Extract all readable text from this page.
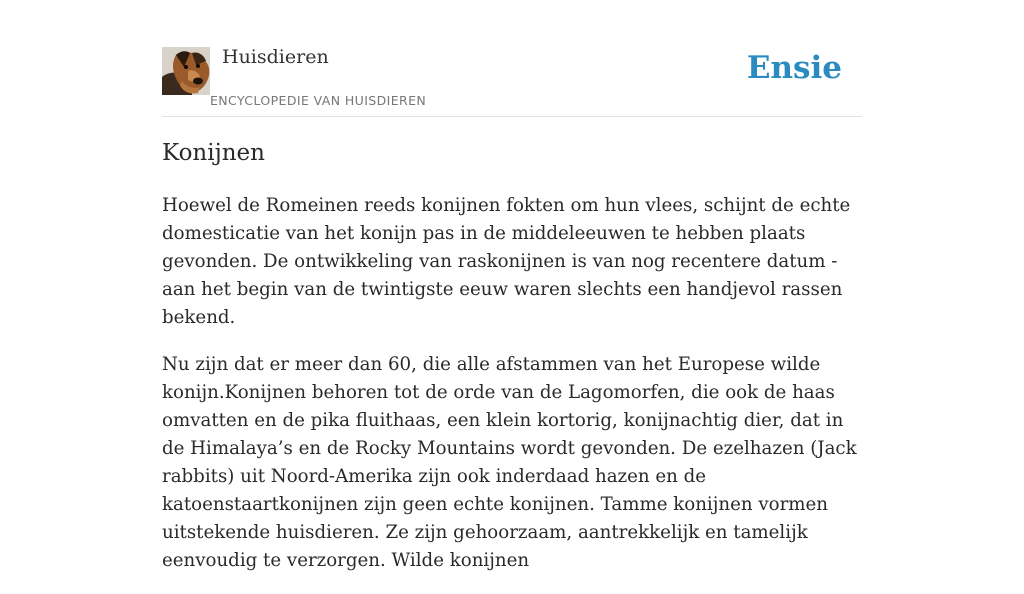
Huisdieren
ENCYCLOPEDIE VAN HUISDIEREN
Ensie
Konijnen

Hoewel de Romeinen reeds konijnen fokten om hun vlees, schijnt de echte domesticatie van het konijn pas in de middeleeuwen te hebben plaats gevonden. De ontwikkeling van raskonijnen is van nog recentere datum - aan het begin van de twintigste eeuw waren slechts een handjevol rassen bekend.

Nu zijn dat er meer dan 60, die alle afstammen van het Europese wilde konijn.Konijnen behoren tot de orde van de Lagomorfen, die ook de haas omvatten en de pika fluithaas, een klein kortorig, konijnachtig dier, dat in de Himalaya’s en de Rocky Mountains wordt gevonden. De ezelhazen (Jack rabbits) uit Noord-Amerika zijn ook inderdaad hazen en de katoenstaartkonijnen zijn geen echte konijnen. Tamme konijnen vormen uitstekende huisdieren. Ze zijn gehoorzaam, aantrekkelijk en tamelijk eenvoudig te verzorgen. Wilde konijnen
